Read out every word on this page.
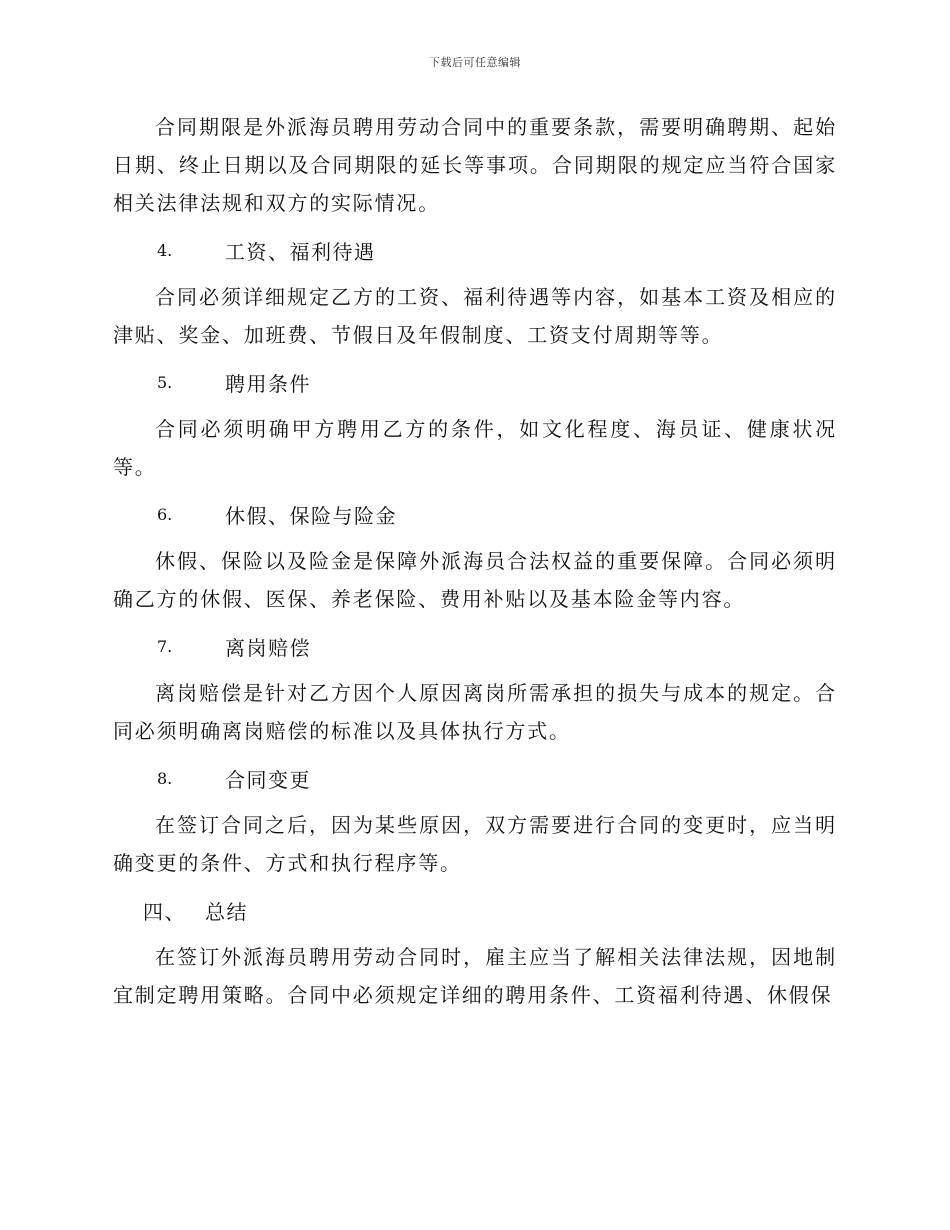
下载后可任意编辑

合同期限是外派海员聘用劳动合同中的重要条款，需要明确聘期、起始日期、终止日期以及合同期限的延长等事项。合同期限的规定应当符合国家相关法律法规和双方的实际情况。

4.	工资、福利待遇

合同必须详细规定乙方的工资、福利待遇等内容，如基本工资及相应的津贴、奖金、加班费、节假日及年假制度、工资支付周期等等。

5.	聘用条件

合同必须明确甲方聘用乙方的条件，如文化程度、海员证、健康状况等。

6.	休假、保险与险金

休假、保险以及险金是保障外派海员合法权益的重要保障。合同必须明确乙方的休假、医保、养老保险、费用补贴以及基本险金等内容。

7.	离岗赔偿

离岗赔偿是针对乙方因个人原因离岗所需承担的损失与成本的规定。合同必须明确离岗赔偿的标准以及具体执行方式。

8.	合同变更

在签订合同之后，因为某些原因，双方需要进行合同的变更时，应当明确变更的条件、方式和执行程序等。

四、 总结

在签订外派海员聘用劳动合同时，雇主应当了解相关法律法规，因地制宜制定聘用策略。合同中必须规定详细的聘用条件、工资福利待遇、休假保
